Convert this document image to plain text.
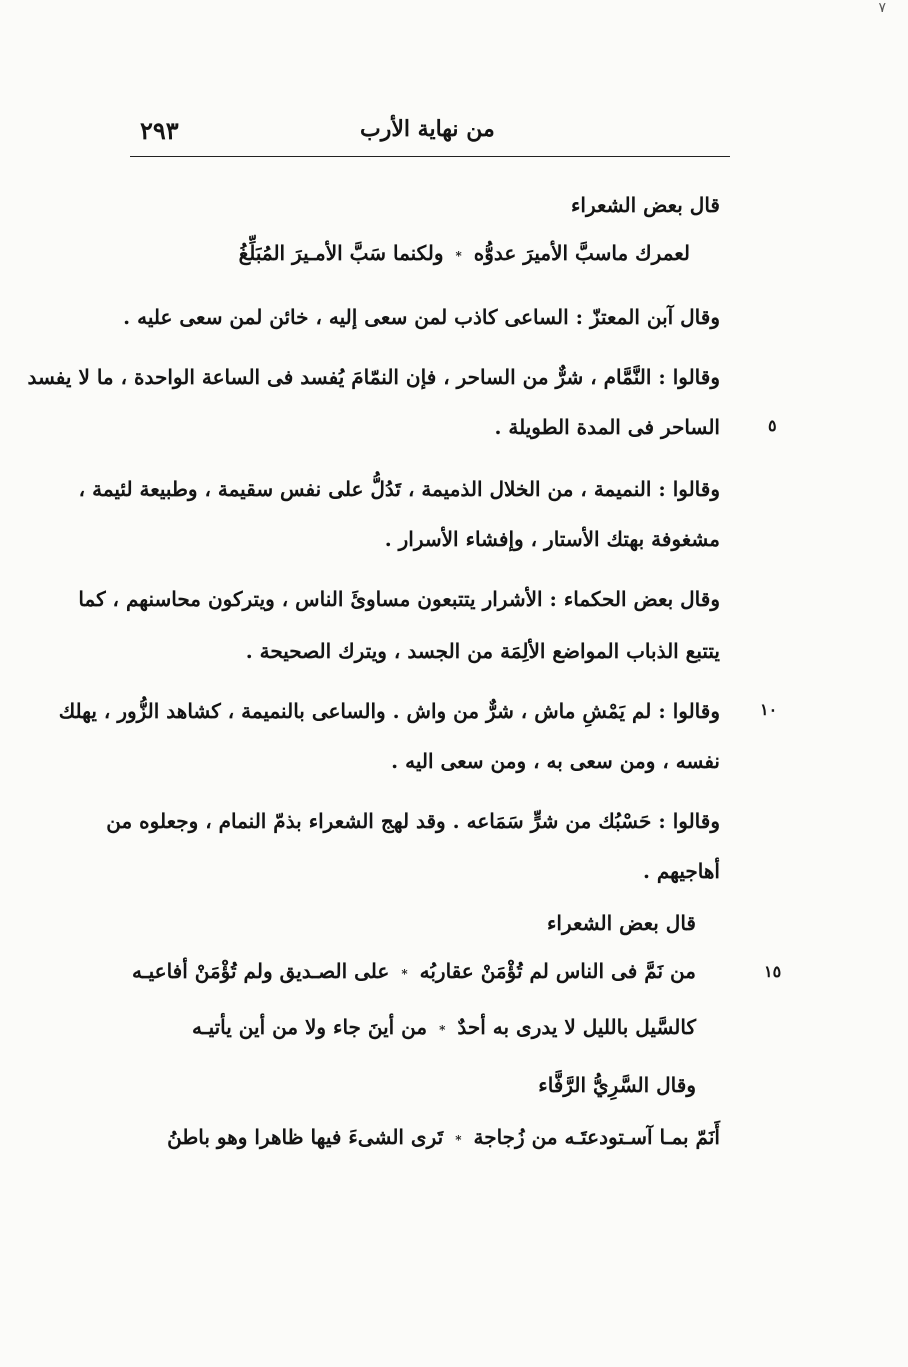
٧
٢٩٣	من نهاية الأرب
قال بعض الشعراء
لعمرك ماسبَّ الأميرَ عدوُّه*ولكنما سَبَّ الأمـيرَ المُبَلِّغُ
وقال آبن المعتزّ : الساعى كاذب لمن سعى إليه ، خائن لمن سعى عليه .
وقالوا : النَّمَّام ، شرٌّ من الساحر ، فإن النمّامَ يُفسد فى الساعة الواحدة ، ما لا يفسد
الساحر فى المدة الطويلة .
وقالوا : النميمة ، من الخلال الذميمة ، تَدُلُّ على نفس سقيمة ، وطبيعة لئيمة ،
مشغوفة بهتك الأستار ، وإفشاء الأسرار .
وقال بعض الحكماء : الأشرار يتتبعون مساوئَ الناس ، ويتركون محاسنهم ، كما
يتتبع الذباب المواضع الألِمَة من الجسد ، ويترك الصحيحة .
وقالوا : لم يَمْشِ ماش ، شرٌّ من واش . والساعى بالنميمة ، كشاهد الزُّور ، يهلك
نفسه ، ومن سعى به ، ومن سعى اليه .
وقالوا : حَسْبُك من شرٍّ سَمَاعه . وقد لهج الشعراء بذمّ النمام ، وجعلوه من
أهاجيهم .
قال بعض الشعراء
من نَمَّ فى الناس لم تُؤْمَنْ عقاربُه*على الصـديق ولم تُؤْمَنْ أفاعيـه
كالسَّيل بالليل لا يدرى به أحدٌ*من أينَ جاء ولا من أين يأتيـه
وقال السَّرِيُّ الرَّفَّاء
أَنَمّ بمـا آسـتودعتَـه من زُجاجة*تَرى الشىءَ فيها ظاهرا وهو باطنُ
٥
١٠
١٥
